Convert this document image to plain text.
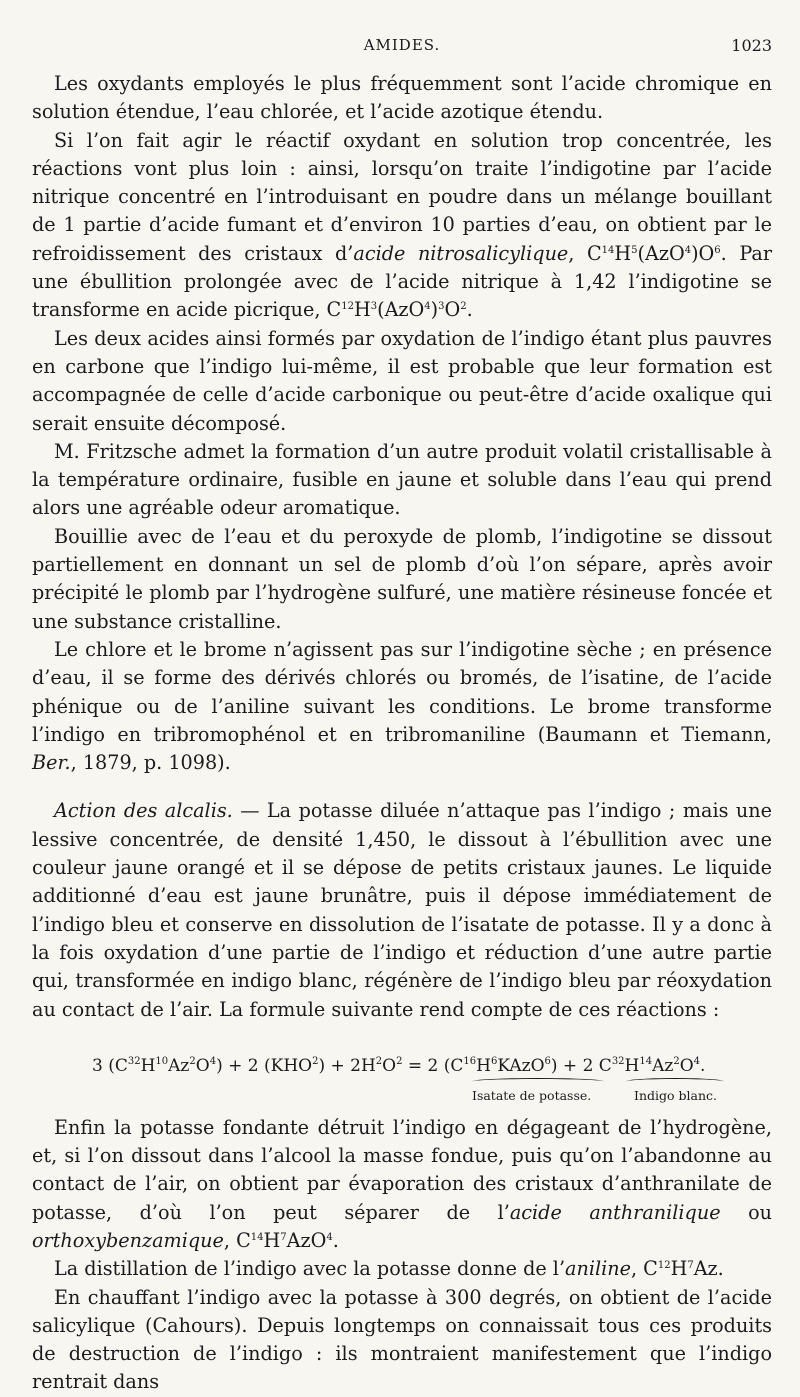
AMIDES.	1023

Les oxydants employés le plus fréquemment sont l’acide chromique en solution étendue, l’eau chlorée, et l’acide azotique étendu.

Si l’on fait agir le réactif oxydant en solution trop concentrée, les réactions vont plus loin : ainsi, lorsqu’on traite l’indigotine par l’acide nitrique concentré en l’introduisant en poudre dans un mélange bouillant de 1 partie d’acide fumant et d’environ 10 parties d’eau, on obtient par le refroidissement des cristaux d’acide nitrosalicylique, $C^{14}H^5(AzO^4)O^6$. Par une ébullition prolongée avec de l’acide nitrique à 1,42 l’indigotine se transforme en acide picrique, $C^{12}H^3(AzO^4)^3O^2$.

Les deux acides ainsi formés par oxydation de l’indigo étant plus pauvres en carbone que l’indigo lui-même, il est probable que leur formation est accompagnée de celle d’acide carbonique ou peut-être d’acide oxalique qui serait ensuite décomposé.

M. Fritzsche admet la formation d’un autre produit volatil cristallisable à la température ordinaire, fusible en jaune et soluble dans l’eau qui prend alors une agréable odeur aromatique.

Bouillie avec de l’eau et du peroxyde de plomb, l’indigotine se dissout partiellement en donnant un sel de plomb d’où l’on sépare, après avoir précipité le plomb par l’hydrogène sulfuré, une matière résineuse foncée et une substance cristalline.

Le chlore et le brome n’agissent pas sur l’indigotine sèche ; en présence d’eau, il se forme des dérivés chlorés ou bromés, de l’isatine, de l’acide phénique ou de l’aniline suivant les conditions. Le brome transforme l’indigo en tribromophénol et en tribromaniline (Baumann et Tiemann, Ber., 1879, p. 1098).

Action des alcalis. — La potasse diluée n’attaque pas l’indigo ; mais une lessive concentrée, de densité 1,450, le dissout à l’ébullition avec une couleur jaune orangé et il se dépose de petits cristaux jaunes. Le liquide additionné d’eau est jaune brunâtre, puis il dépose immédiatement de l’indigo bleu et conserve en dissolution de l’isatate de potasse. Il y a donc à la fois oxydation d’une partie de l’indigo et réduction d’une autre partie qui, transformée en indigo blanc, régénère de l’indigo bleu par réoxydation au contact de l’air. La formule suivante rend compte de ces réactions :

3 $(C^{32}H^{10}Az^2O^4) + 2$ $(KHO^2) + 2H^2O^2 = 2$ $(C^{16}H^6KAzO^6) + 2$ $C^{32}H^{14}Az^2O^4$.
Isatate de potasse.	Indigo blanc.

Enfin la potasse fondante détruit l’indigo en dégageant de l’hydrogène, et, si l’on dissout dans l’alcool la masse fondue, puis qu’on l’abandonne au contact de l’air, on obtient par évaporation des cristaux d’anthranilate de potasse, d’où l’on peut séparer de l’acide anthranilique ou orthoxybenzamique, $C^{14}H^7AzO^4$.

La distillation de l’indigo avec la potasse donne de l’aniline, $C^{12}H^7Az$.

En chauffant l’indigo avec la potasse à 300 degrés, on obtient de l’acide salicylique (Cahours). Depuis longtemps on connaissait tous ces produits de destruction de l’indigo : ils montraient manifestement que l’indigo rentrait dans
